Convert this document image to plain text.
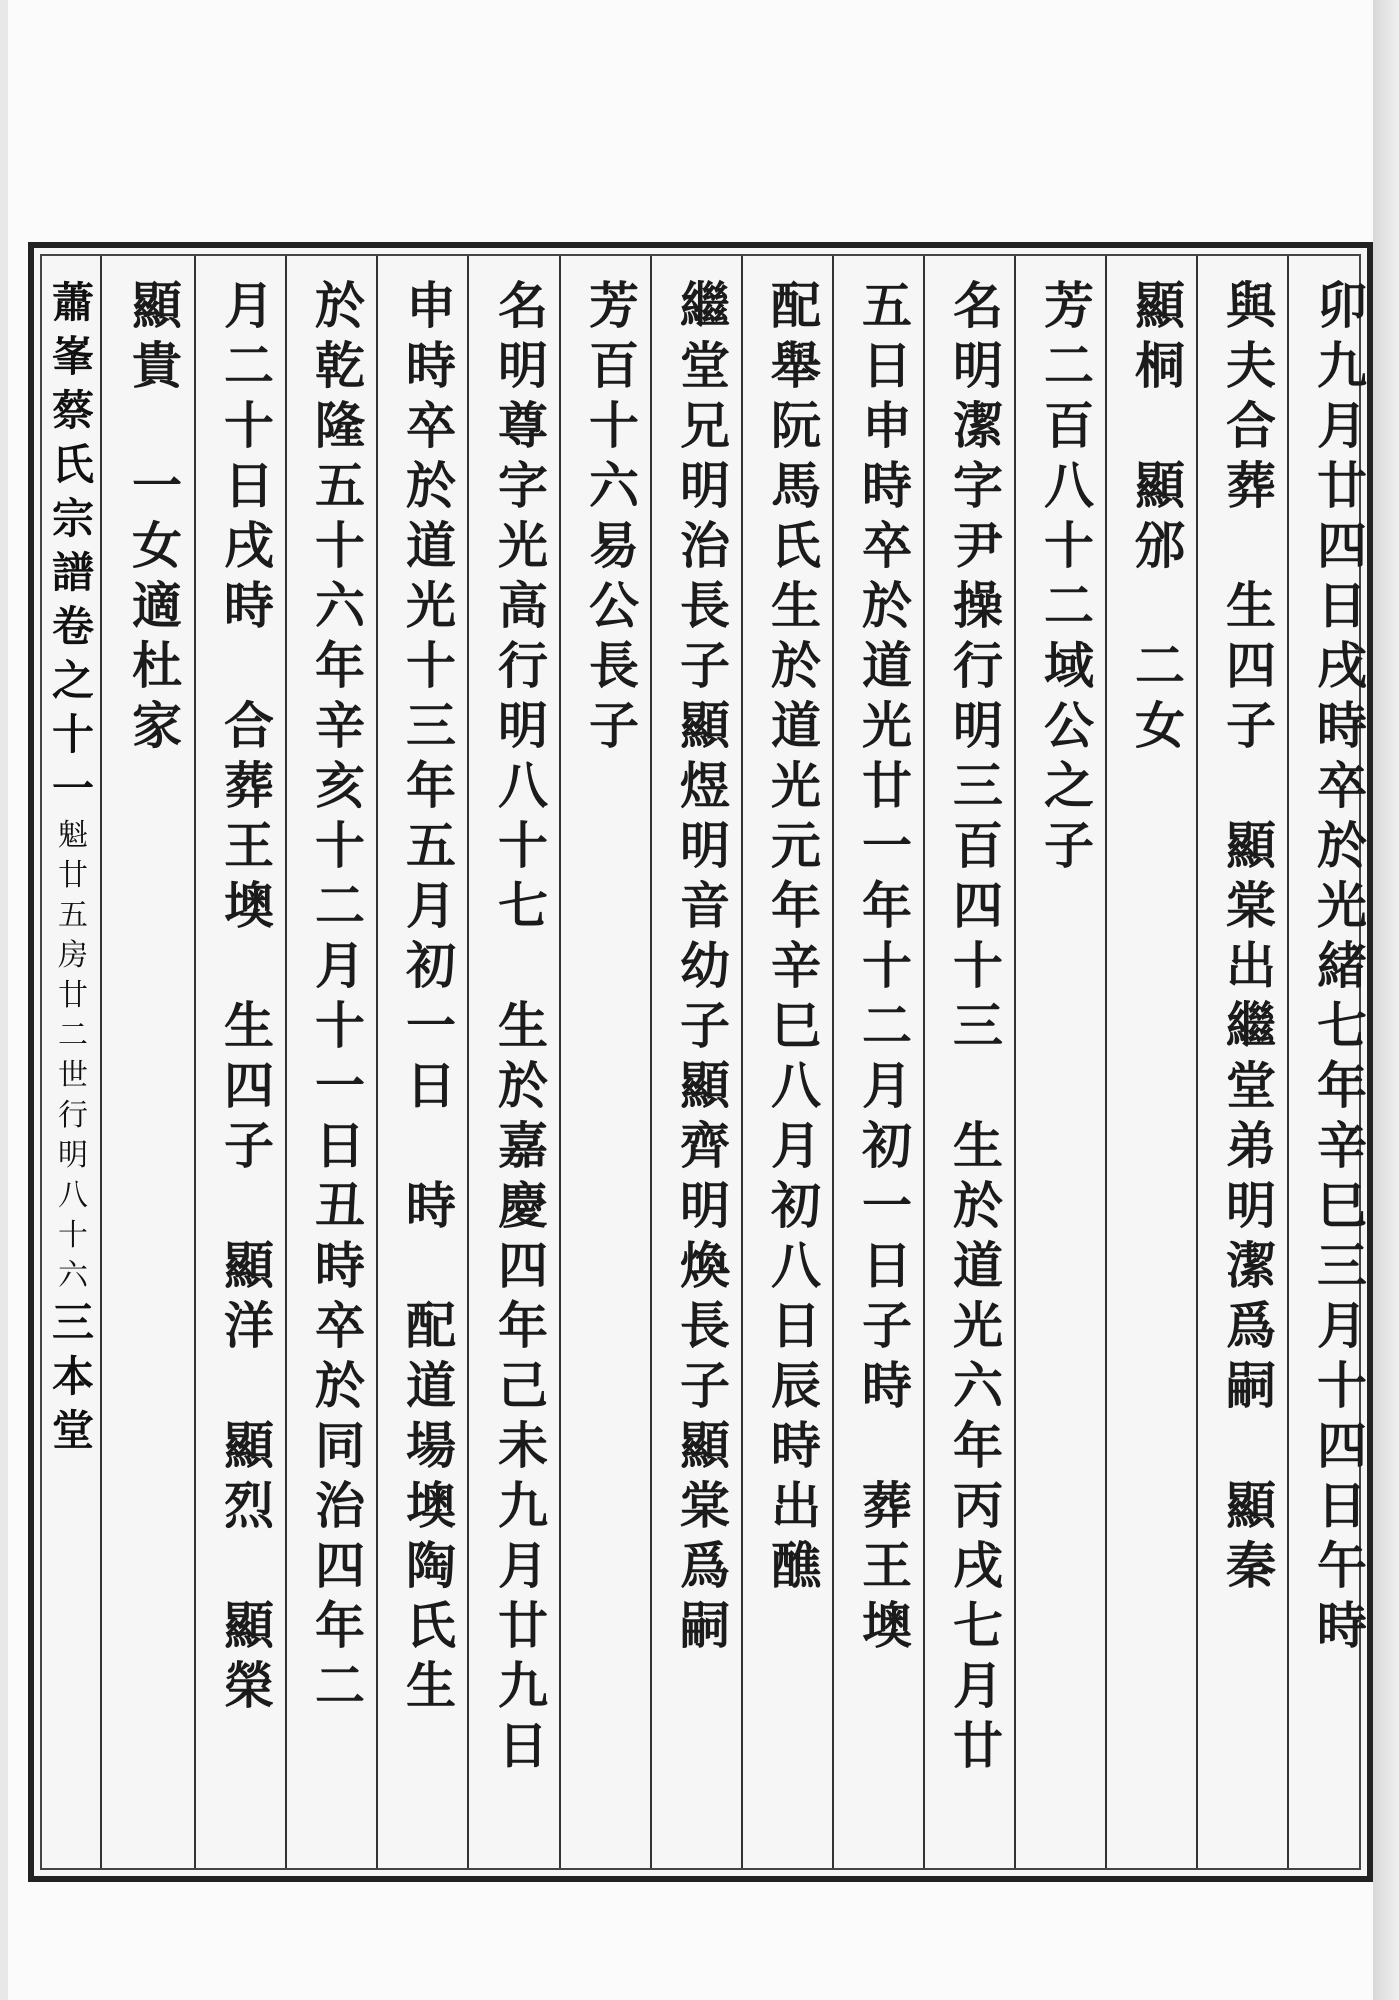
蕭
峯
蔡
氏
宗
譜
卷
之
十
一
魁
廿
五
房
廿
二
世
行
明
八
十
六
三
本
堂
卯
九
月
廿
四
日
戌
時
卒
於
光
緒
七
年
辛
巳
三
月
十
四
日
午
時
與
夫
合
葬
生
四
子
顯
棠
出
繼
堂
弟
明
潔
爲
嗣
顯
秦
顯
桐
顯
邠
二
女
芳
二
百
八
十
二
域
公
之
子
名
明
潔
字
尹
操
行
明
三
百
四
十
三
生
於
道
光
六
年
丙
戌
七
月
廿
五
日
申
時
卒
於
道
光
廿
一
年
十
二
月
初
一
日
子
時
葬
王
墺
配
舉
阮
馬
氏
生
於
道
光
元
年
辛
巳
八
月
初
八
日
辰
時
出
醮
繼
堂
兄
明
治
長
子
顯
煜
明
音
幼
子
顯
齊
明
煥
長
子
顯
棠
爲
嗣
芳
百
十
六
易
公
長
子
名
明
尊
字
光
高
行
明
八
十
七
生
於
嘉
慶
四
年
己
未
九
月
廿
九
日
申
時
卒
於
道
光
十
三
年
五
月
初
一
日
時
配
道
場
墺
陶
氏
生
於
乾
隆
五
十
六
年
辛
亥
十
二
月
十
一
日
丑
時
卒
於
同
治
四
年
二
月
二
十
日
戌
時
合
葬
王
墺
生
四
子
顯
洋
顯
烈
顯
榮
顯
貴
一
女
適
杜
家
